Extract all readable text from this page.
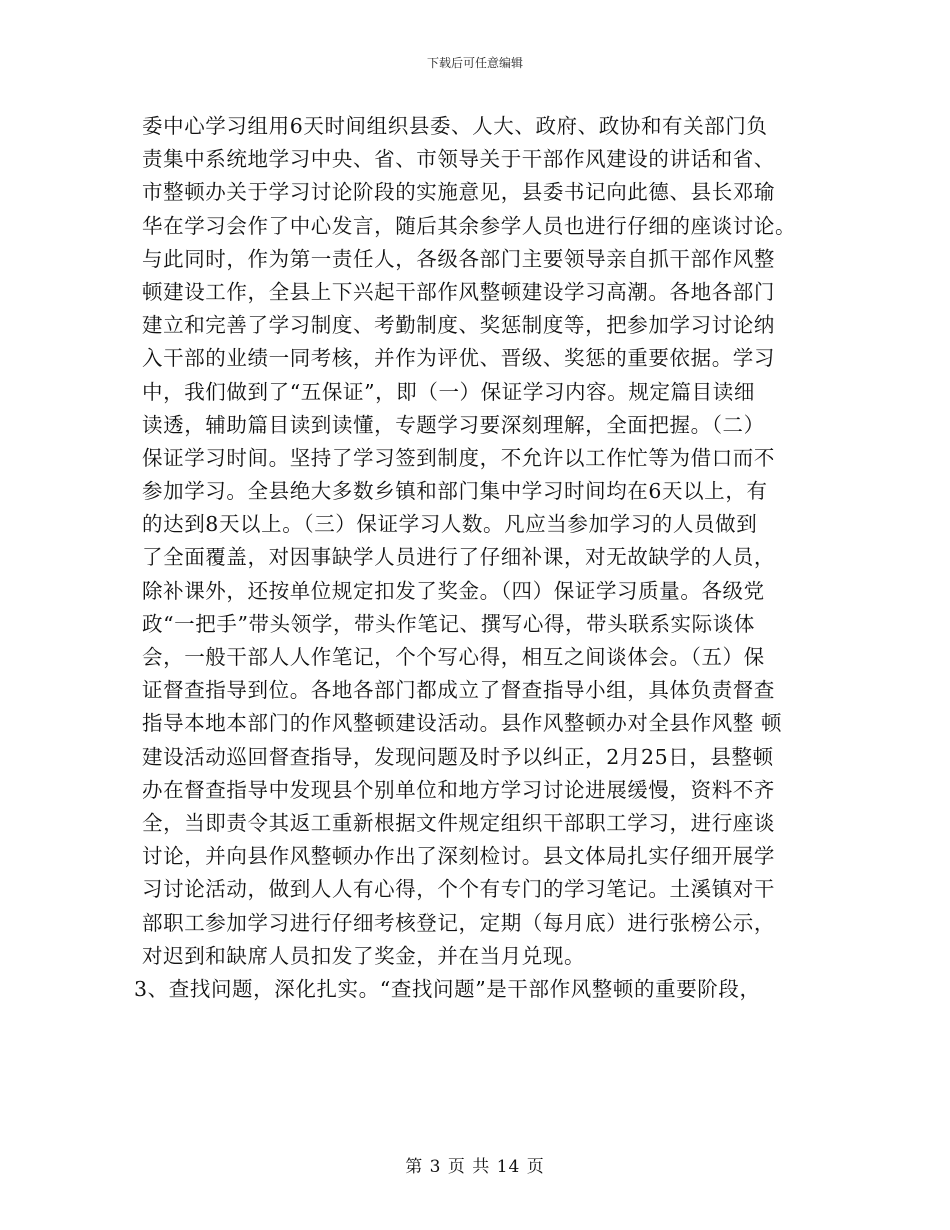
下载后可任意编辑
委中心学习组用6天时间组织县委、人大、政府、政协和有关部门负
责集中系统地学习中央、省、市领导关于干部作风建设的讲话和省、
市整顿办关于学习讨论阶段的实施意见，县委书记向此德、县长邓瑜
华在学习会作了中心发言，随后其余参学人员也进行仔细的座谈讨论。
与此同时，作为第一责任人，各级各部门主要领导亲自抓干部作风整
顿建设工作，全县上下兴起干部作风整顿建设学习高潮。各地各部门
建立和完善了学习制度、考勤制度、奖惩制度等，把参加学习讨论纳
入干部的业绩一同考核，并作为评优、晋级、奖惩的重要依据。学习
中，我们做到了“五保证”，即（一）保证学习内容。规定篇目读细
读透，辅助篇目读到读懂，专题学习要深刻理解，全面把握。（二）
保证学习时间。坚持了学习签到制度，不允许以工作忙等为借口而不
参加学习。全县绝大多数乡镇和部门集中学习时间均在6天以上，有
的达到8天以上。（三）保证学习人数。凡应当参加学习的人员做到
了全面覆盖，对因事缺学人员进行了仔细补课，对无故缺学的人员，
除补课外，还按单位规定扣发了奖金。（四）保证学习质量。各级党
政“一把手”带头领学，带头作笔记、撰写心得，带头联系实际谈体
会，一般干部人人作笔记，个个写心得，相互之间谈体会。（五）保
证督查指导到位。各地各部门都成立了督查指导小组，具体负责督查
指导本地本部门的作风整顿建设活动。县作风整顿办对全县作风整 顿
建设活动巡回督查指导，发现问题及时予以纠正，2月25日，县整顿
办在督查指导中发现县个别单位和地方学习讨论进展缓慢，资料不齐
全，当即责令其返工重新根据文件规定组织干部职工学习，进行座谈
讨论，并向县作风整顿办作出了深刻检讨。县文体局扎实仔细开展学
习讨论活动，做到人人有心得，个个有专门的学习笔记。土溪镇对干
部职工参加学习进行仔细考核登记，定期（每月底）进行张榜公示，
对迟到和缺席人员扣发了奖金，并在当月兑现。
3、查找问题，深化扎实。“查找问题”是干部作风整顿的重要阶段，
第 3 页 共 14 页
